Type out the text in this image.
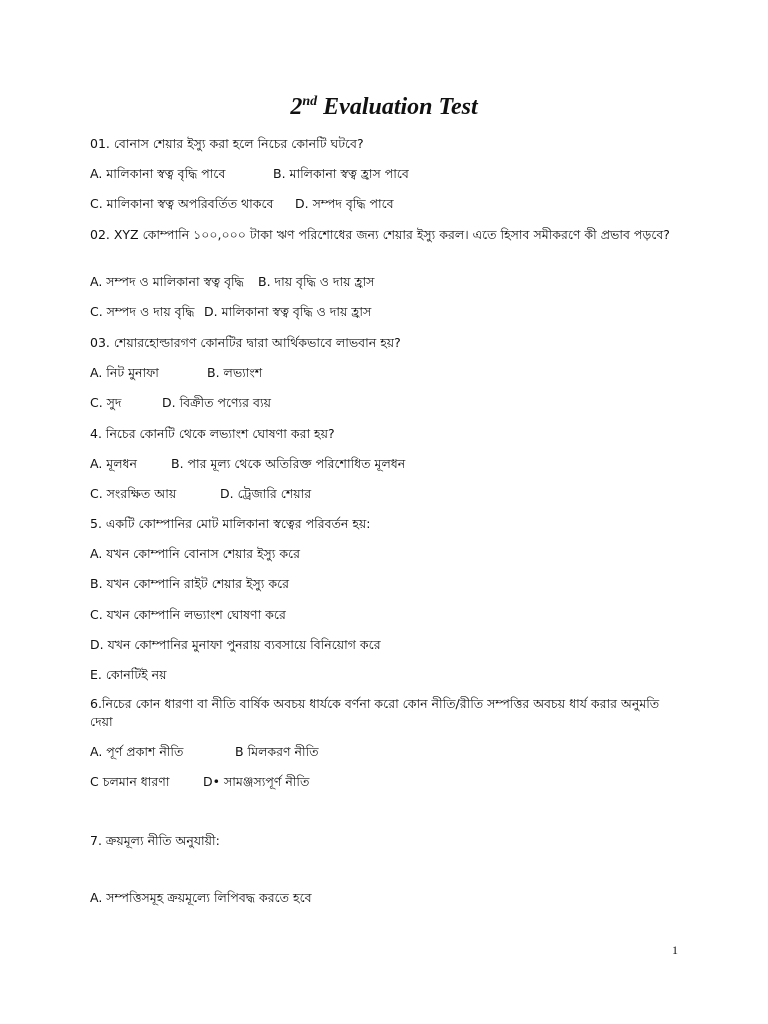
2nd Evaluation Test
01. বোনাস শেয়ার ইস্যু করা হলে নিচের কোনটি ঘটবে?
A. মালিকানা স্বত্ব বৃদ্ধি পাবে	B. মালিকানা স্বত্ব হ্রাস পাবে
C. মালিকানা স্বত্ব অপরিবর্তিত থাকবে D. সম্পদ বৃদ্ধি পাবে
02. XYZ কোম্পানি ১০০,০০০ টাকা ঋণ পরিশোধের জন্য শেয়ার ইস্যু করল। এতে হিসাব সমীকরণে কী প্রভাব পড়বে?
A. সম্পদ ও মালিকানা স্বত্ব বৃদ্ধি B. দায় বৃদ্ধি ও দায় হ্রাস
C. সম্পদ ও দায় বৃদ্ধি D. মালিকানা স্বত্ব বৃদ্ধি ও দায় হ্রাস
03. শেয়ারহোল্ডারগণ কোনটির দ্বারা আর্থিকভাবে লাভবান হয়?
A. নিট মুনাফা	B. লভ্যাংশ
C. সুদ	D. বিক্রীত পণ্যের ব্যয়
4. নিচের কোনটি থেকে লভ্যাংশ ঘোষণা করা হয়?
A. মূলধন	B. পার মূল্য থেকে অতিরিক্ত পরিশোধিত মূলধন
C. সংরক্ষিত আয়	D. ট্রেজারি শেয়ার
5. একটি কোম্পানির মোট মালিকানা স্বত্বের পরিবর্তন হয়:
A. যখন কোম্পানি বোনাস শেয়ার ইস্যু করে
B. যখন কোম্পানি রাইট শেয়ার ইস্যু করে
C. যখন কোম্পানি লভ্যাংশ ঘোষণা করে
D. যখন কোম্পানির মুনাফা পুনরায় ব্যবসায়ে বিনিয়োগ করে
E. কোনটিই নয়
6.নিচের কোন ধারণা বা নীতি বার্ষিক অবচয় ধার্যকে বর্ণনা করো কোন নীতি/রীতি সম্পত্তির অবচয় ধার্য করার অনুমতি দেয়া
A. পূর্ণ প্রকাশ নীতি	B মিলকরণ নীতি
C চলমান ধারণা	D• সামঞ্জস্যপূর্ণ নীতি
7. ক্রয়মূল্য নীতি অনুযায়ী:
A. সম্পত্তিসমূহ ক্রয়মূল্যে লিপিবদ্ধ করতে হবে
1
